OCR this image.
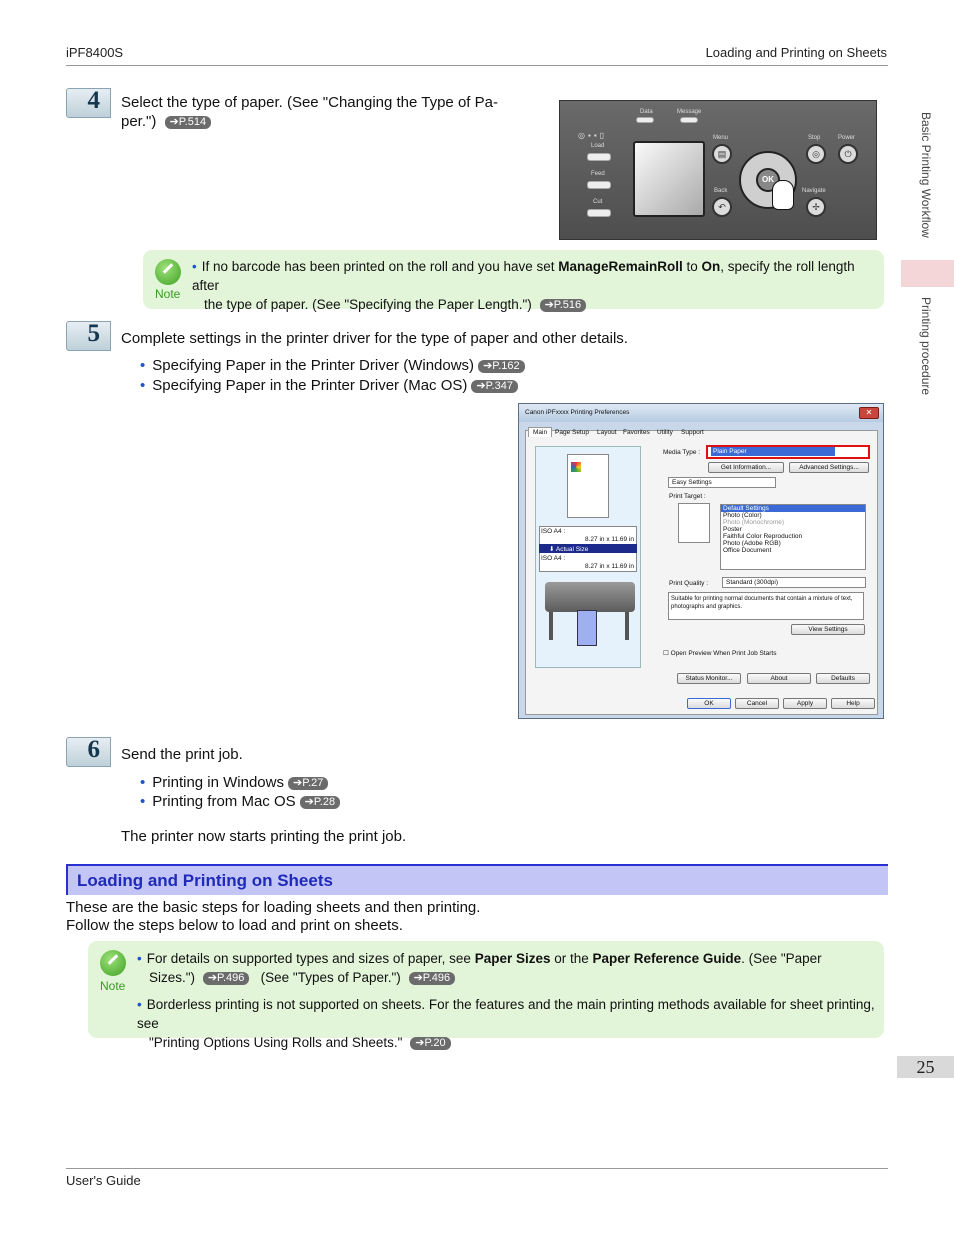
iPF8400S	Loading and Printing on Sheets
Basic Printing Workflow
Printing procedure
4 Select the type of paper. (See "Changing the Type of Pa-
per.") ➔P.514
Data	Message
◎▪▪▯
Load
Feed
Cut
Menu
▤
Stop
◎
Power
⏻
OK
Back
↶
Navigate
✢
Note
• If no barcode has been printed on the roll and you have set ManageRemainRoll to On, specify the roll length after
the type of paper. (See "Specifying the Paper Length.") ➔P.516
5 Complete settings in the printer driver for the type of paper and other details.
• Specifying Paper in the Printer Driver (Windows) ➔P.162
• Specifying Paper in the Printer Driver (Mac OS) ➔P.347
Canon iPFxxxx Printing Preferences	✕
Main	Page Setup Layout Favorites Utility Support
ISO A4 :
8.27 in x 11.69 in
⬇ Actual Size
ISO A4 :
8.27 in x 11.69 in
Media Type :	Plain Paper
Get Information...	Advanced Settings...
Easy Settings
Print Target :
Default Settings
Photo (Color)
Photo (Monochrome)
Poster
Faithful Color Reproduction
Photo (Adobe RGB)
Office Document
Print Quality :	Standard (300dpi)
Suitable for printing normal documents that contain a mixture of text, photographs and graphics.
View Settings
☐ Open Preview When Print Job Starts
Status Monitor...	About	Defaults
OK	Cancel	Apply	Help
6 Send the print job.
• Printing in Windows ➔P.27
• Printing from Mac OS ➔P.28
The printer now starts printing the print job.
Loading and Printing on Sheets
These are the basic steps for loading sheets and then printing.
Follow the steps below to load and print on sheets.
Note
• For details on supported types and sizes of paper, see Paper Sizes or the Paper Reference Guide. (See "Paper
Sizes.") ➔P.496 (See "Types of Paper.") ➔P.496
• Borderless printing is not supported on sheets. For the features and the main printing methods available for sheet printing, see
"Printing Options Using Rolls and Sheets." ➔P.20
25
User's Guide
